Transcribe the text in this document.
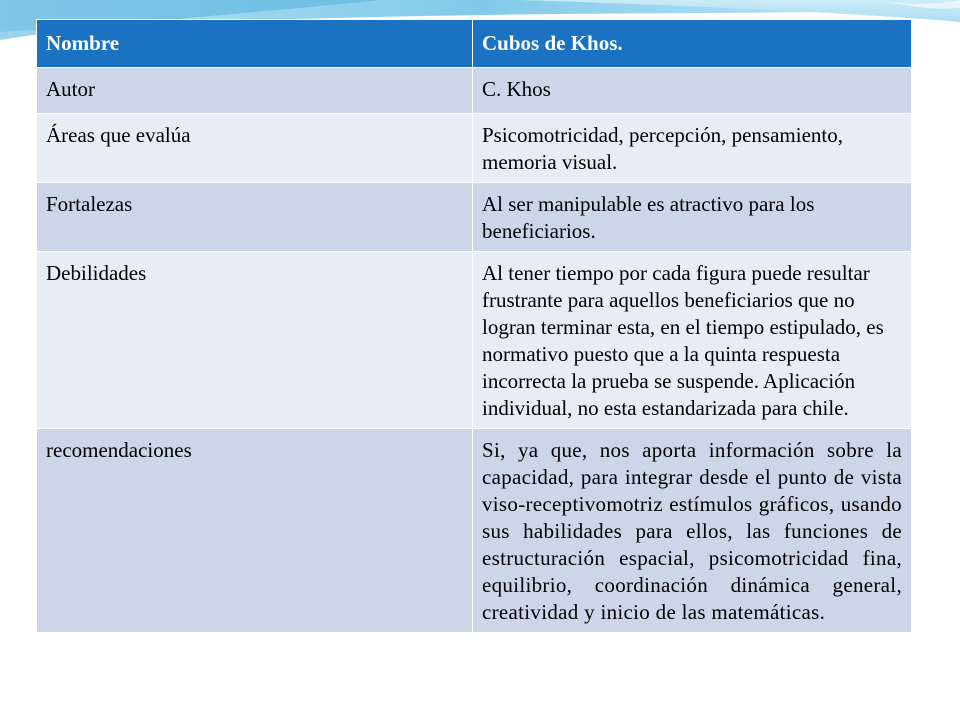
Nombre	Cubos de Khos.
Autor	C. Khos
Áreas que evalúa	Psicomotricidad, percepción, pensamiento, memoria visual.
Fortalezas	Al ser manipulable es atractivo para los beneficiarios.
Debilidades	Al tener tiempo por cada figura puede resultar frustrante para aquellos beneficiarios que no logran terminar esta, en el tiempo estipulado, es normativo puesto que a la quinta respuesta incorrecta la prueba se suspende. Aplicación individual, no esta estandarizada para chile.
recomendaciones	Si, ya que, nos aporta información sobre la capacidad, para integrar desde el punto de vista viso-receptivomotriz estímulos gráficos, usando sus habilidades para ellos, las funciones de estructuración espacial, psicomotricidad fina, equilibrio, coordinación dinámica general, creatividad y inicio de las matemáticas.
